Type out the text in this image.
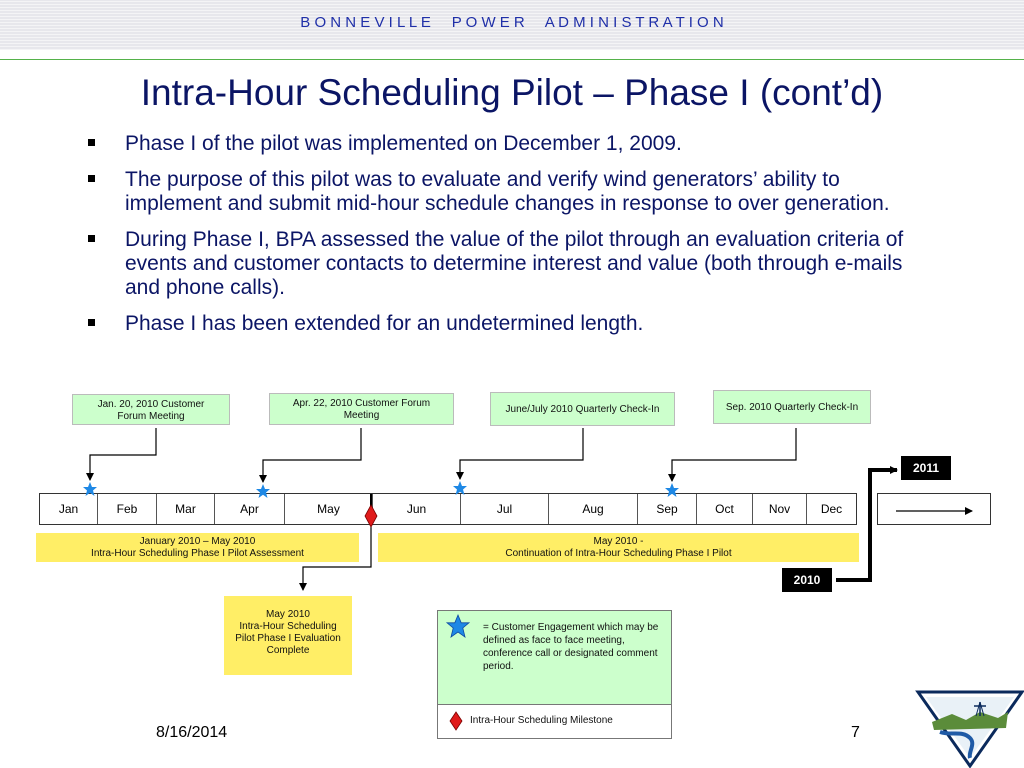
B O N N E V I L L E     P O W E R     A D M I N I S T R A T I O N
Intra-Hour Scheduling Pilot – Phase I (cont’d)
Phase I of the pilot was implemented on December 1, 2009.
The purpose of this pilot was to evaluate and verify wind generators’ ability to implement and submit mid-hour schedule changes in response to over generation.
During Phase I, BPA assessed the value of the pilot through an evaluation criteria of events and customer contacts to determine interest and value (both through e-mails and phone calls).
Phase I has been extended for an undetermined length.
Jan. 20, 2010 Customer
Forum Meeting
Apr. 22, 2010 Customer Forum
Meeting
June/July 2010 Quarterly Check-In	Sep. 2010 Quarterly Check-In
Jan	Feb	Mar	Apr	May	Jun	Jul	Aug	Sep	Oct	Nov	Dec
2011
2010
January 2010 – May 2010
Intra-Hour Scheduling Phase I Pilot Assessment
May 2010 -
Continuation of Intra-Hour Scheduling Phase I Pilot
May 2010
Intra-Hour Scheduling
Pilot Phase I Evaluation
Complete
= Customer Engagement which may be defined as face to face meeting, conference call or designated comment period.
Intra-Hour Scheduling Milestone
8/16/2014	7
